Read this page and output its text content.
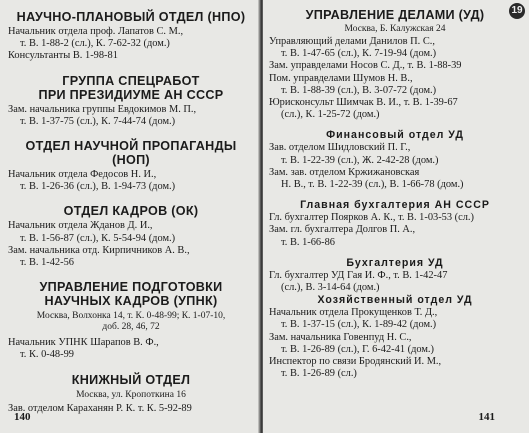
НАУЧНО-ПЛАНОВЫЙ ОТДЕЛ (НПО)

Начальник отдела проф. Лапатов С. М.,

т. В. 1-88-2 (сл.), К. 7-62-32 (дом.)

Консультанты В. 1-98-81

ГРУППА СПЕЦРАБОТ

ПРИ ПРЕЗИДИУМЕ АН СССР

Зам. начальника группы Евдокимов М. П.,

т. В. 1-37-75 (сл.), К. 7-44-74 (дом.)

ОТДЕЛ НАУЧНОЙ ПРОПАГАНДЫ (НОП)

Начальник отдела Федосов Н. И.,

т. В. 1-26-36 (сл.), В. 1-94-73 (дом.)

ОТДЕЛ КАДРОВ (ОК)

Начальник отдела Жданов Д. И.,

т. В. 1-56-87 (сл.), К. 5-54-94 (дом.)

Зам. начальника отд. Кирпичников А. В.,

т. В. 1-42-56

УПРАВЛЕНИЕ ПОДГОТОВКИ

НАУЧНЫХ КАДРОВ (УПНК)

Москва, Волхонка 14, т. К. 0-48-99; К. 1-07-10,

доб. 28, 46, 72

Начальник УПНК Шарапов В. Ф.,

т. К. 0-48-99

КНИЖНЫЙ ОТДЕЛ

Москва, ул. Кропоткина 16

Зав. отделом Караханян Р. К. т. К. 5-92-89

140
19

УПРАВЛЕНИЕ ДЕЛАМИ (УД)

Москва, Б. Калужская 24

Управляющий делами Данилов П. С.,

т. В. 1-47-65 (сл.), К. 7-19-94 (дом.)

Зам. управделами Носов С. Д., т. В. 1-88-39

Пом. управделами Шумов Н. В.,

т. В. 1-88-39 (сл.), В. 3-07-72 (дом.)

Юрисконсульт Шимчак В. И., т. В. 1-39-67

(сл.), К. 1-25-72 (дом.)

Финансовый отдел УД

Зав. отделом Шидловский П. Г.,

т. В. 1-22-39 (сл.), Ж. 2-42-28 (дом.)

Зам. зав. отделом Кржижановская

Н. В., т. В. 1-22-39 (сл.), В. 1-66-78 (дом.)

Главная бухгалтерия АН СССР

Гл. бухгалтер Поярков А. К., т. В. 1-03-53 (сл.)

Зам. гл. бухгалтера Долгов П. А.,

т. В. 1-66-86

Бухгалтерия УД

Гл. бухгалтер УД Гая И. Ф., т. В. 1-42-47

(сл.), В. 3-14-64 (дом.)

Хозяйственный отдел УД

Начальник отдела Прокущенков Т. Д.,

т. В. 1-37-15 (сл.), К. 1-89-42 (дом.)

Зам. начальника Говенпуд Н. С.,

т. В. 1-26-89 (сл.), Г. 6-42-41 (дом.)

Инспектор по связи Бродянский И. М.,

т. В. 1-26-89 (сл.)

141
